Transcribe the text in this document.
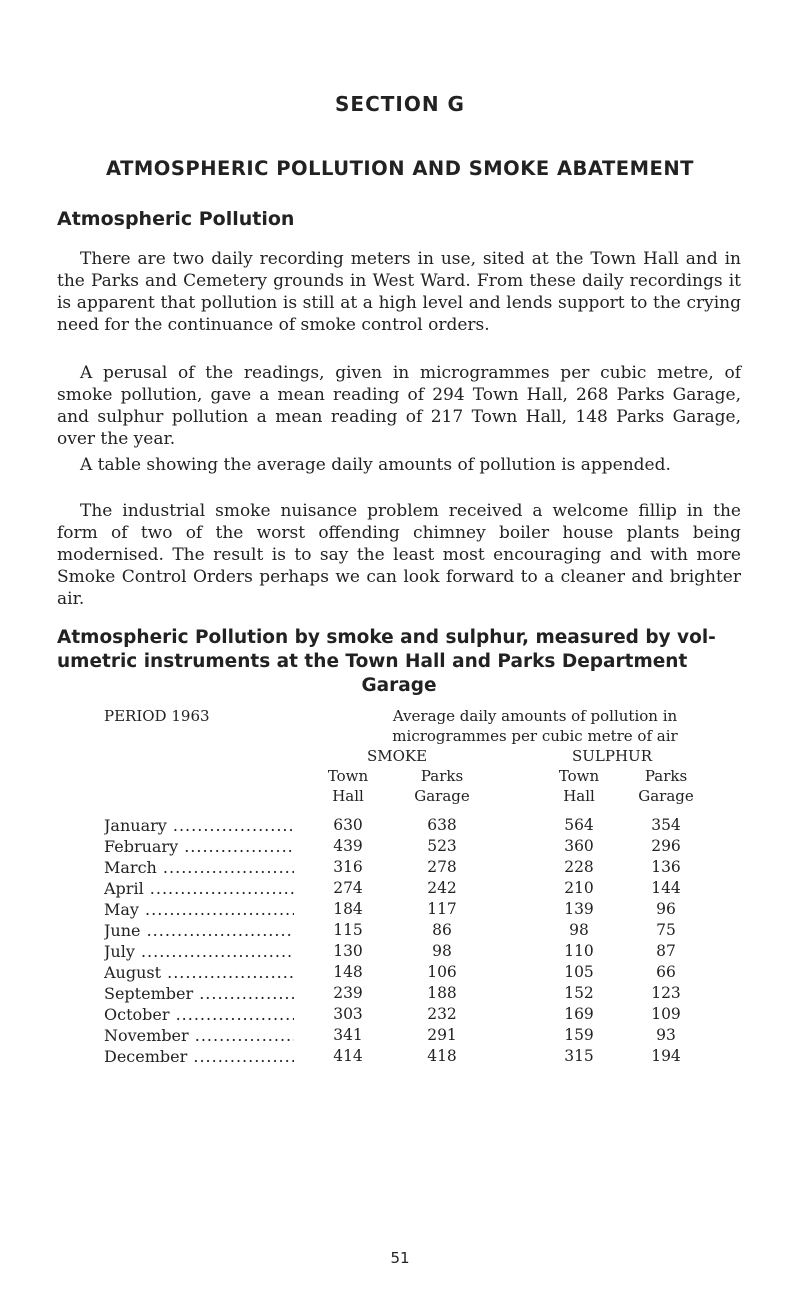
SECTION G
ATMOSPHERIC POLLUTION AND SMOKE ABATEMENT
Atmospheric Pollution

There are two daily recording meters in use, sited at the Town Hall and in the Parks and Cemetery grounds in West Ward. From these daily recordings it is apparent that pollution is still at a high level and lends support to the crying need for the continuance of smoke control orders.

A perusal of the readings, given in microgrammes per cubic metre, of smoke pollution, gave a mean reading of 294 Town Hall, 268 Parks Garage, and sulphur pollution a mean reading of 217 Town Hall, 148 Parks Garage, over the year.

A table showing the average daily amounts of pollution is appended.

The industrial smoke nuisance problem received a welcome fillip in the form of two of the worst offending chimney boiler house plants being modernised. The result is to say the least most encouraging and with more Smoke Control Orders perhaps we can look forward to a cleaner and brighter air.

Atmospheric Pollution by smoke and sulphur, measured by vol-
umetric instruments at the Town Hall and Parks Department
Garage
PERIOD 1963	Average daily amounts of pollution in
microgrammes per cubic metre of air
SMOKE	SULPHUR
Town
Hall
Parks
Garage
Town
Hall
Parks
Garage
January .....	630	638	564	354
February .....	439	523	360	296
March .....	316	278	228	136
April .....	274	242	210	144
May .....	184	117	139	96
June .....	115	86	98	75
July .....	130	98	110	87
August .....	148	106	105	66
September .....	239	188	152	123
October .....	303	232	169	109
November .....	341	291	159	93
December .....	414	418	315	194
51
